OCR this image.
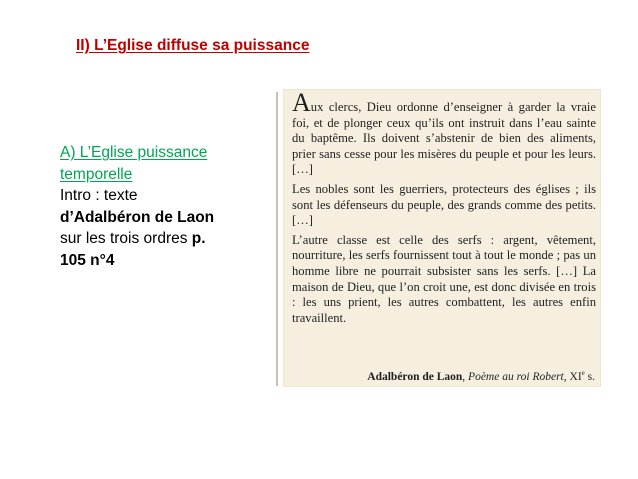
II) L’Eglise diffuse sa puissance
A) L’Eglise puissance
temporelle
Intro : texte
d’Adalbéron de Laon
sur les trois ordres p.
105 n°4

Aux clercs, Dieu ordonne d’enseigner à garder la vraie foi, et de plonger ceux qu’ils ont instruit dans l’eau sainte du baptême. Ils doivent s’abstenir de bien des aliments, prier sans cesse pour les misères du peuple et pour les leurs. […]

Les nobles sont les guerriers, protecteurs des églises ; ils sont les défenseurs du peuple, des grands comme des petits. […]

L’autre classe est celle des serfs : argent, vêtement, nourriture, les serfs fournissent tout à tout le monde ; pas un homme libre ne pourrait subsister sans les serfs. […] La maison de Dieu, que l’on croit une, est donc divisée en trois : les uns prient, les autres combattent, les autres enfin travaillent.

Adalbéron de Laon, Poème au roi Robert, XIe s.
